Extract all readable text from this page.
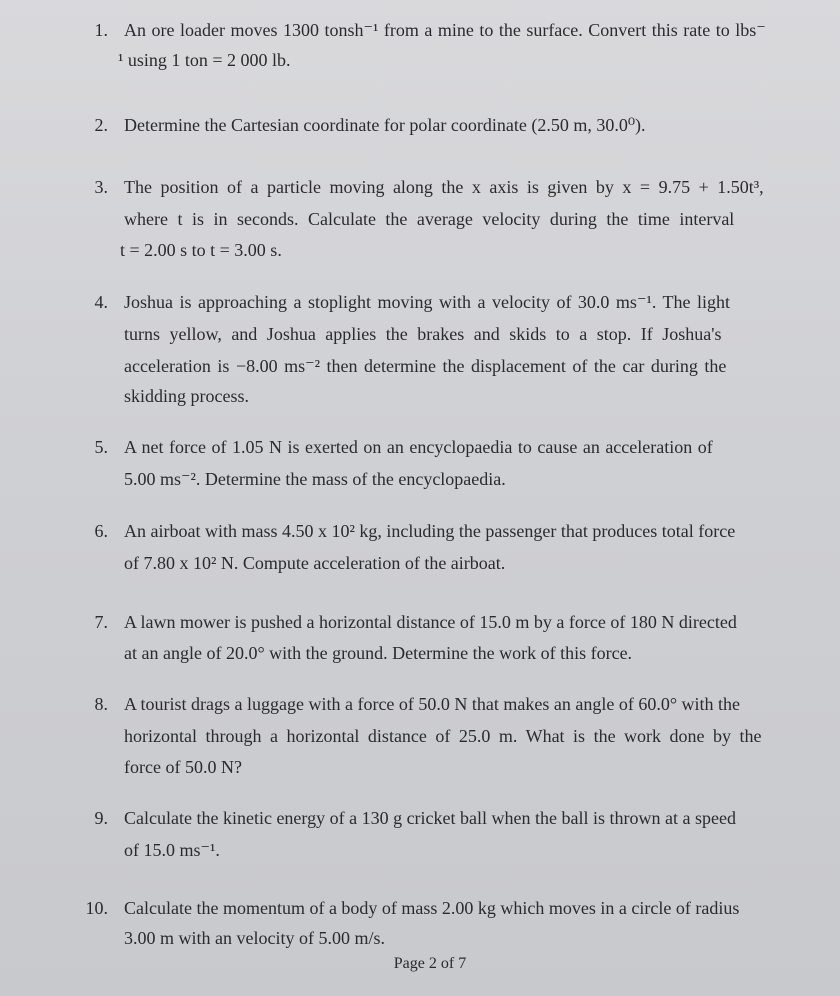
1. An ore loader moves 1300 tonsh⁻¹ from a mine to the surface. Convert this rate to lbs⁻
¹ using 1 ton = 2 000 lb.
2. Determine the Cartesian coordinate for polar coordinate (2.50 m, 30.0⁰).
3. The position of a particle moving along the x axis is given by x = 9.75 + 1.50t³,
where t is in seconds. Calculate the average velocity during the time interval
t = 2.00 s to t = 3.00 s.
4. Joshua is approaching a stoplight moving with a velocity of 30.0 ms⁻¹. The light
turns yellow, and Joshua applies the brakes and skids to a stop. If Joshua's
acceleration is −8.00 ms⁻² then determine the displacement of the car during the
skidding process.
5. A net force of 1.05 N is exerted on an encyclopaedia to cause an acceleration of
5.00 ms⁻². Determine the mass of the encyclopaedia.
6. An airboat with mass 4.50 x 10² kg, including the passenger that produces total force
of 7.80 x 10² N. Compute acceleration of the airboat.
7. A lawn mower is pushed a horizontal distance of 15.0 m by a force of 180 N directed
at an angle of 20.0° with the ground. Determine the work of this force.
8. A tourist drags a luggage with a force of 50.0 N that makes an angle of 60.0° with the
horizontal through a horizontal distance of 25.0 m. What is the work done by the
force of 50.0 N?
9. Calculate the kinetic energy of a 130 g cricket ball when the ball is thrown at a speed
of 15.0 ms⁻¹.
10. Calculate the momentum of a body of mass 2.00 kg which moves in a circle of radius
3.00 m with an velocity of 5.00 m/s.
Page 2 of 7
